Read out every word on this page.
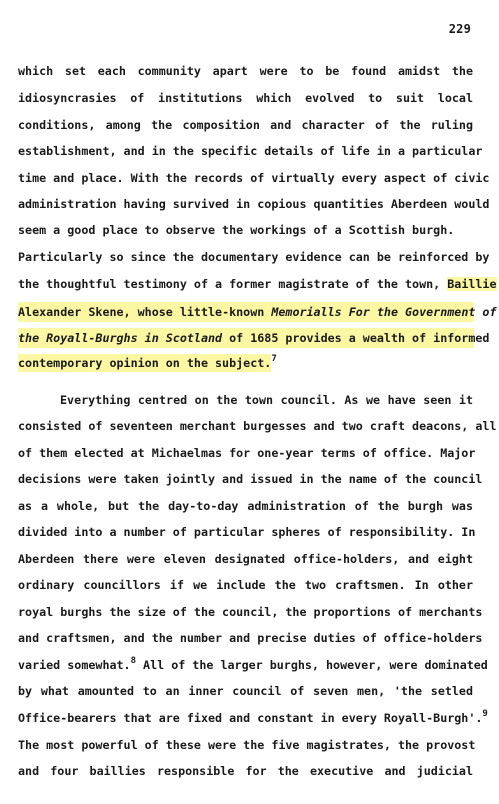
229
which set each community apart were to be found amidst the
idiosyncrasies of institutions which evolved to suit local
conditions, among the composition and character of the ruling
establishment, and in the specific details of life in a particular
time and place. With the records of virtually every aspect of civic
administration having survived in copious quantities Aberdeen would
seem a good place to observe the workings of a Scottish burgh.
Particularly so since the documentary evidence can be reinforced by
the thoughtful testimony of a former magistrate of the town, Baillie
Alexander Skene, whose little-known Memorialls For the Government of
the Royall-Burghs in Scotland of 1685 provides a wealth of informed
contemporary opinion on the subject.$^7$
Everything centred on the town council. As we have seen it
consisted of seventeen merchant burgesses and two craft deacons, all
of them elected at Michaelmas for one-year terms of office. Major
decisions were taken jointly and issued in the name of the council
as a whole, but the day-to-day administration of the burgh was
divided into a number of particular spheres of responsibility. In
Aberdeen there were eleven designated office-holders, and eight
ordinary councillors if we include the two craftsmen. In other
royal burghs the size of the council, the proportions of merchants
and craftsmen, and the number and precise duties of office-holders
varied somewhat.$^8$ All of the larger burghs, however, were dominated
by what amounted to an inner council of seven men, 'the setled
Office-bearers that are fixed and constant in every Royall-Burgh'.$^9$
The most powerful of these were the five magistrates, the provost
and four baillies responsible for the executive and judicial
